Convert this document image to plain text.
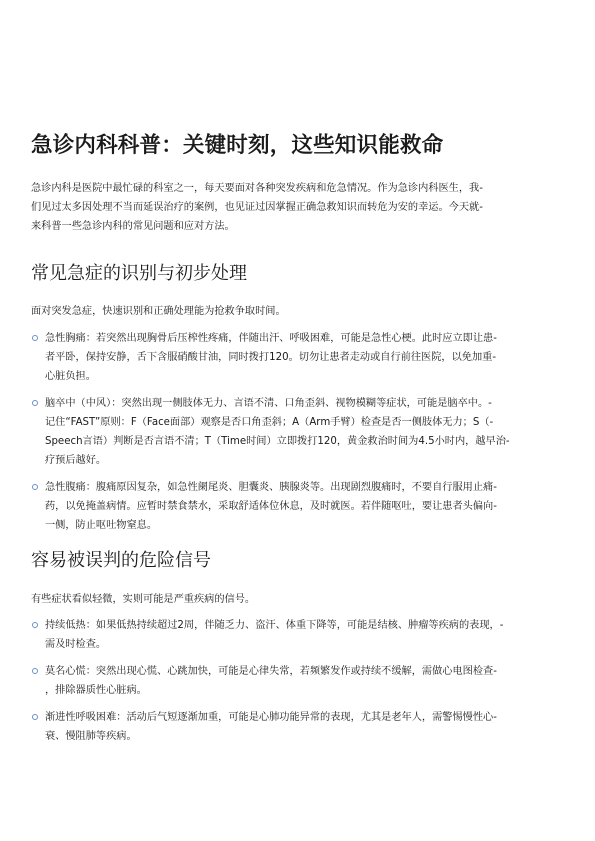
急诊内科科普：关键时刻，这些知识能救命
急诊内科是医院中最忙碌的科室之一，每天要面对各种突发疾病和危急情况。作为急诊内科医生，我-
们见过太多因处理不当而延误治疗的案例，也见证过因掌握正确急救知识而转危为安的幸运。今天就-
来科普一些急诊内科的常见问题和应对方法。
常见急症的识别与初步处理

面对突发急症，快速识别和正确处理能为抢救争取时间。

急性胸痛：若突然出现胸骨后压榨性疼痛，伴随出汗、呼吸困难，可能是急性心梗。此时应立即让患-
者平卧，保持安静，舌下含服硝酸甘油，同时拨打120。切勿让患者走动或自行前往医院，以免加重-
心脏负担。
脑卒中（中风）：突然出现一侧肢体无力、言语不清、口角歪斜、视物模糊等症状，可能是脑卒中。-
记住“FAST”原则：F（Face面部）观察是否口角歪斜；A（Arm手臂）检查是否一侧肢体无力；S（-
Speech言语）判断是否言语不清；T（Time时间）立即拨打120，黄金救治时间为4.5小时内，越早治-
疗预后越好。
急性腹痛：腹痛原因复杂，如急性阑尾炎、胆囊炎、胰腺炎等。出现剧烈腹痛时，不要自行服用止痛-
药，以免掩盖病情。应暂时禁食禁水，采取舒适体位休息，及时就医。若伴随呕吐，要让患者头偏向-
一侧，防止呕吐物窒息。
容易被误判的危险信号

有些症状看似轻微，实则可能是严重疾病的信号。

持续低热：如果低热持续超过2周，伴随乏力、盗汗、体重下降等，可能是结核、肿瘤等疾病的表现，-
需及时检查。
莫名心慌：突然出现心慌、心跳加快，可能是心律失常，若频繁发作或持续不缓解，需做心电图检查-
，排除器质性心脏病。
渐进性呼吸困难：活动后气短逐渐加重，可能是心肺功能异常的表现，尤其是老年人，需警惕慢性心-
衰、慢阻肺等疾病。
